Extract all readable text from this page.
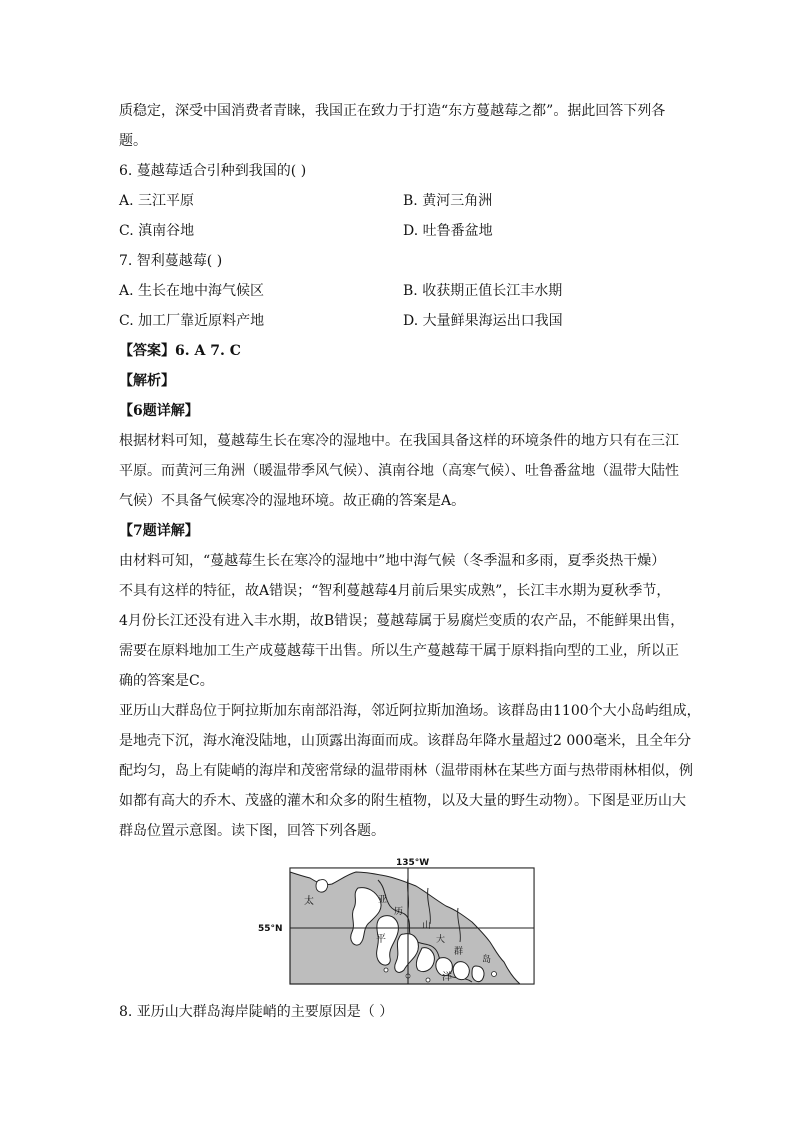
质稳定，深受中国消费者青睐，我国正在致力于打造“东方蔓越莓之都”。据此回答下列各
题。
6. 蔓越莓适合引种到我国的( )
A. 三江平原	B. 黄河三角洲
C. 滇南谷地	D. 吐鲁番盆地
7. 智利蔓越莓( )
A. 生长在地中海气候区	B. 收获期正值长江丰水期
C. 加工厂靠近原料产地	D. 大量鲜果海运出口我国
【答案】6. A 7. C
【解析】
【6题详解】
根据材料可知，蔓越莓生长在寒冷的湿地中。在我国具备这样的环境条件的地方只有在三江
平原。而黄河三角洲（暖温带季风气候）、滇南谷地（高寒气候）、吐鲁番盆地（温带大陆性
气候）不具备气候寒冷的湿地环境。故正确的答案是A。
【7题详解】
由材料可知，“蔓越莓生长在寒冷的湿地中”地中海气候（冬季温和多雨，夏季炎热干燥）
不具有这样的特征，故A错误；“智利蔓越莓4月前后果实成熟”，长江丰水期为夏秋季节，
4月份长江还没有进入丰水期，故B错误；蔓越莓属于易腐烂变质的农产品，不能鲜果出售，
需要在原料地加工生产成蔓越莓干出售。所以生产蔓越莓干属于原料指向型的工业，所以正
确的答案是C。
亚历山大群岛位于阿拉斯加东南部沿海，邻近阿拉斯加渔场。该群岛由1100个大小岛屿组成，
是地壳下沉，海水淹没陆地，山顶露出海面而成。该群岛年降水量超过2 000毫米，且全年分
配均匀，岛上有陡峭的海岸和茂密常绿的温带雨林（温带雨林在某些方面与热带雨林相似，例
如都有高大的乔木、茂盛的灌木和众多的附生植物，以及大量的野生动物）。下图是亚历山大
群岛位置示意图。读下图，回答下列各题。
135°W
55°N
太
平
洋
亚
历
山
大
群
岛
8. 亚历山大群岛海岸陡峭的主要原因是（ ）
